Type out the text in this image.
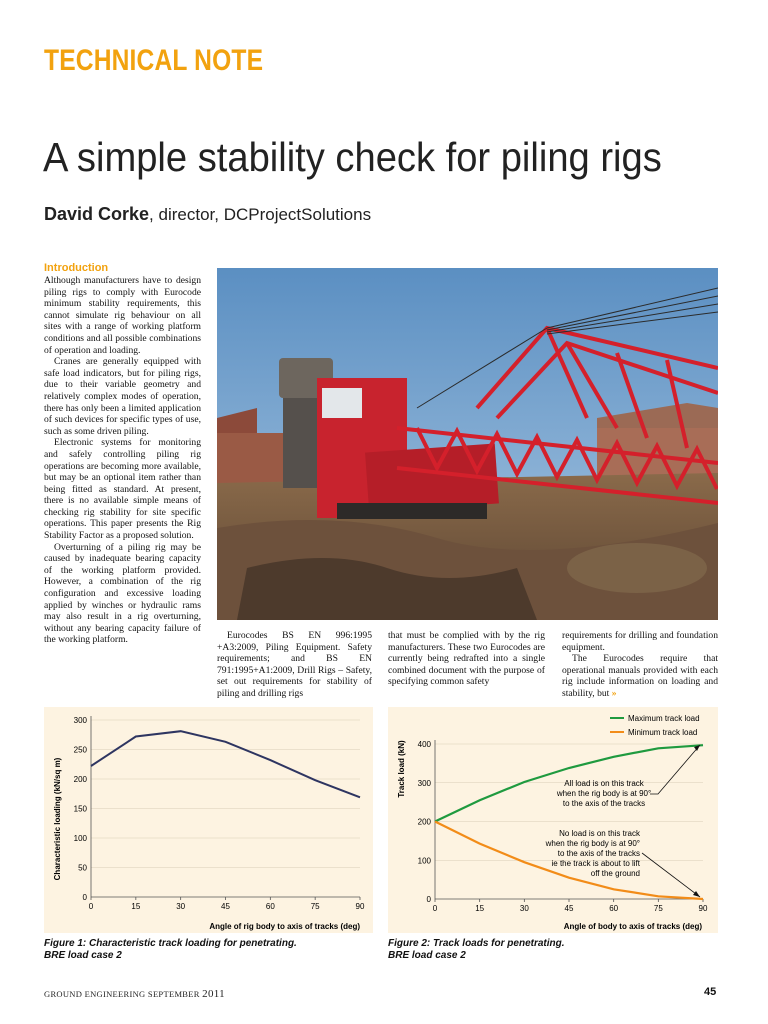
TECHNICAL NOTE
A simple stability check for piling rigs
David Corke, director, DCProjectSolutions
Introduction

Although manufacturers have to design piling rigs to comply with Eurocode minimum stability requirements, this cannot simulate rig behaviour on all sites with a range of working platform conditions and all possible combinations of operation and loading.

Cranes are generally equipped with safe load indicators, but for piling rigs, due to their variable geometry and relatively complex modes of operation, there has only been a limited application of such devices for specific types of use, such as some driven piling.

Electronic systems for monitoring and safely controlling piling rig operations are becoming more available, but may be an optional item rather than being fitted as standard. At present, there is no available simple means of checking rig stability for site specific operations. This paper presents the Rig Stability Factor as a proposed solution.

Overturning of a piling rig may be caused by inadequate bearing capacity of the working platform provided. However, a combination of the rig configuration and excessive loading applied by winches or hydraulic rams may also result in a rig overturning, without any bearing capacity failure of the working platform.	Eurocodes BS EN 996:1995 +A3:2009, Piling Equipment. Safety requirements; and BS EN 791:1995+A1:2009, Drill Rigs – Safety, set out requirements for stability of piling and drilling rigs

that must be complied with by the rig manufacturers. These two Eurocodes are currently being redrafted into a single combined document with the purpose of specifying common safety

requirements for drilling and foundation equipment.

The Eurocodes require that operational manuals provided with each rig include information on loading and stability, but »

0
50
100
150
200
250
300
0	15	30	45	60	75	90
Characteristic loading (kN/sq m)
Angle of rig body to axis of tracks (deg)
Figure 1: Characteristic track loading for penetrating.
BRE load case 2
0
100
200
300
400
0	15	30	45	60	75	90
Maximum track load
Minimum track load
All load is on this track
when the rig body is at 90°
to the axis of the tracks
No load is on this track
when the rig body is at 90°
to the axis of the tracks
ie the track is about to lift
off the ground
Track load (kN)
Angle of body to axis of tracks (deg)
Figure 2: Track loads for penetrating.
BRE load case 2
GROUND ENGINEERING SEPTEMBER 2011	45
